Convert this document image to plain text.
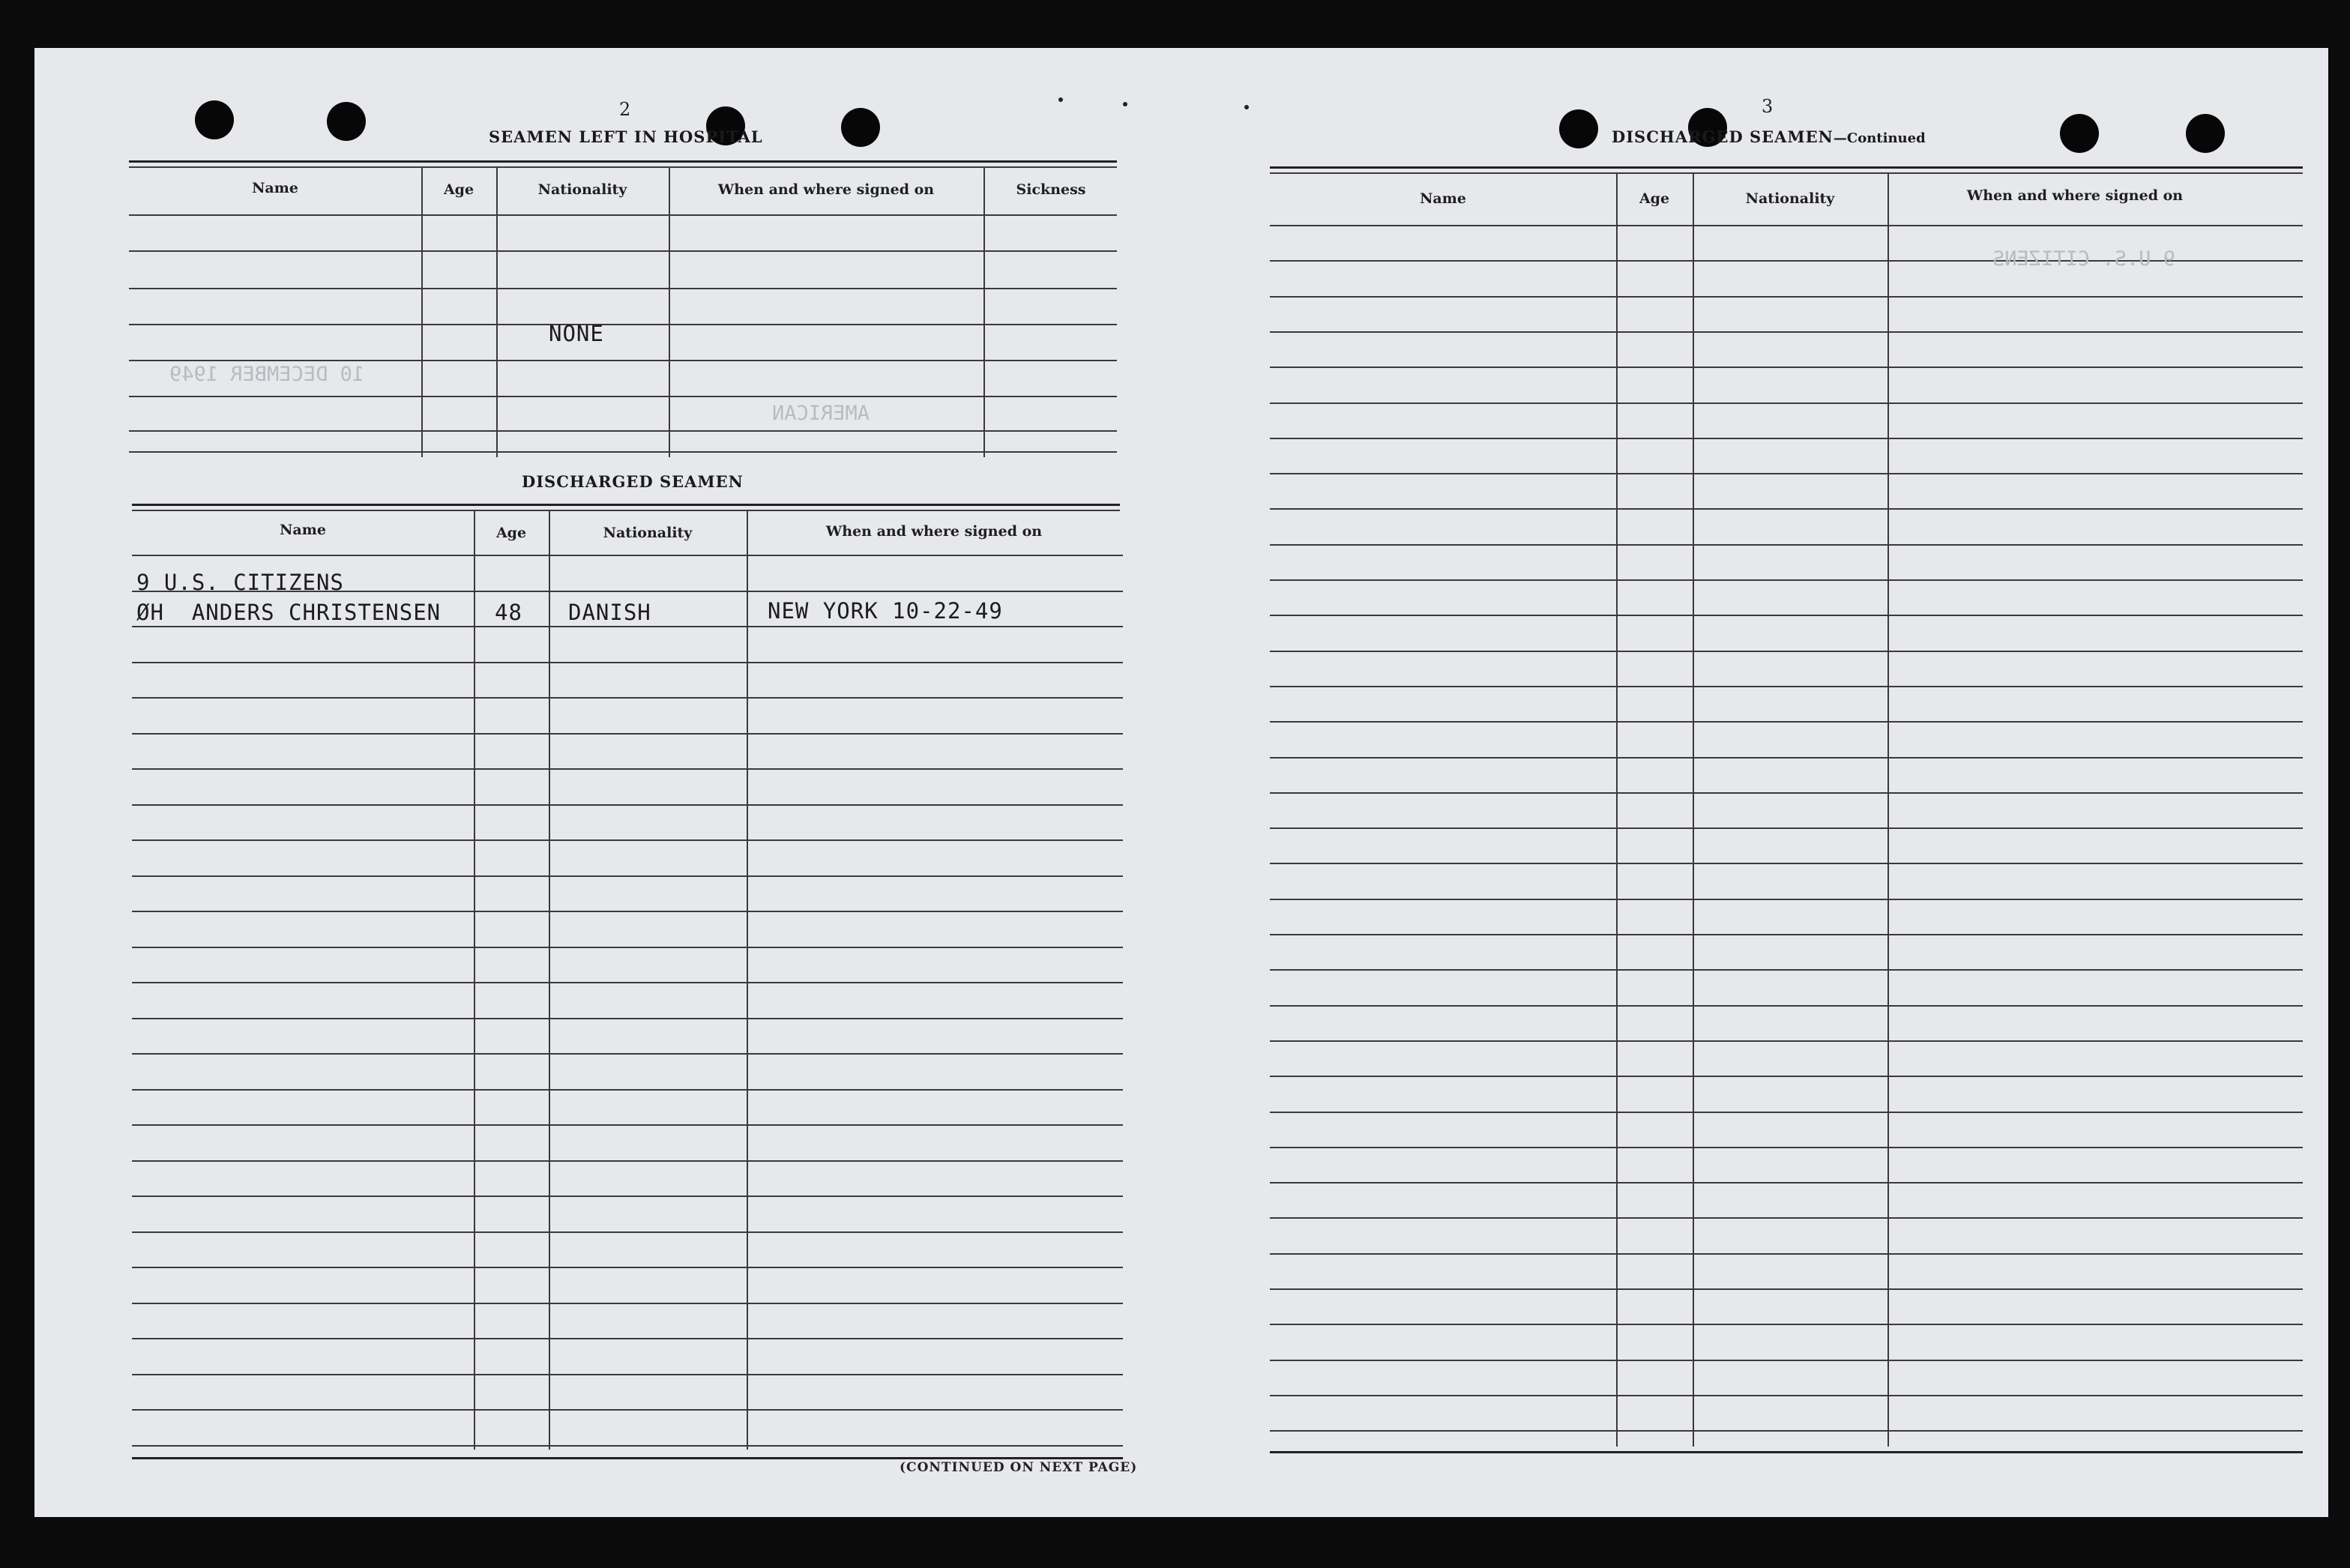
2
SEAMEN LEFT IN HOSPITAL
Name	Age	Nationality	When and where signed on	Sickness
NONE
10 DECEMBER 1949
AMERICAN
DISCHARGED SEAMEN
Name	Age	Nationality	When and where signed on
9 U.S. CITIZENS
ØH  ANDERS CHRISTENSEN 48 DANISH	NEW YORK 10-22-49
(CONTINUED ON NEXT PAGE)
3
DISCHARGED SEAMEN—Continued
Name	Age	Nationality	When and where signed on
9 U.S. CITIZENS
